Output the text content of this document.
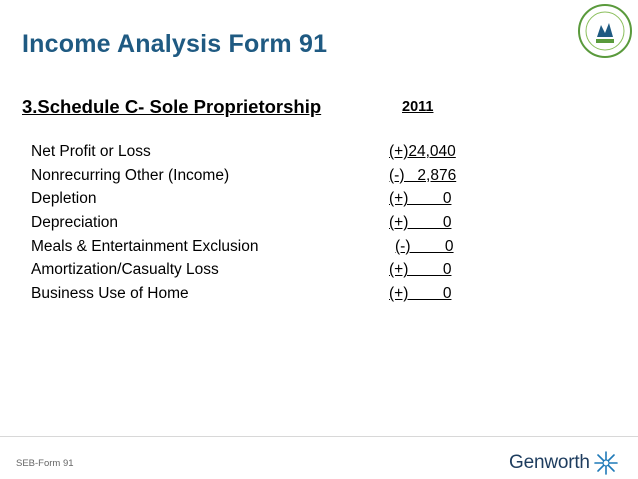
Income Analysis Form 91
3.Schedule C- Sole Proprietorship	2011
Net Profit or Loss	(+)24,040
Nonrecurring Other (Income)	(-)   2,876
Depletion	(+)        0
Depreciation	(+)        0
Meals & Entertainment Exclusion	(-)        0
Amortization/Casualty Loss	(+)        0
Business Use of Home	(+)        0
SEB-Form 91	Genworth
